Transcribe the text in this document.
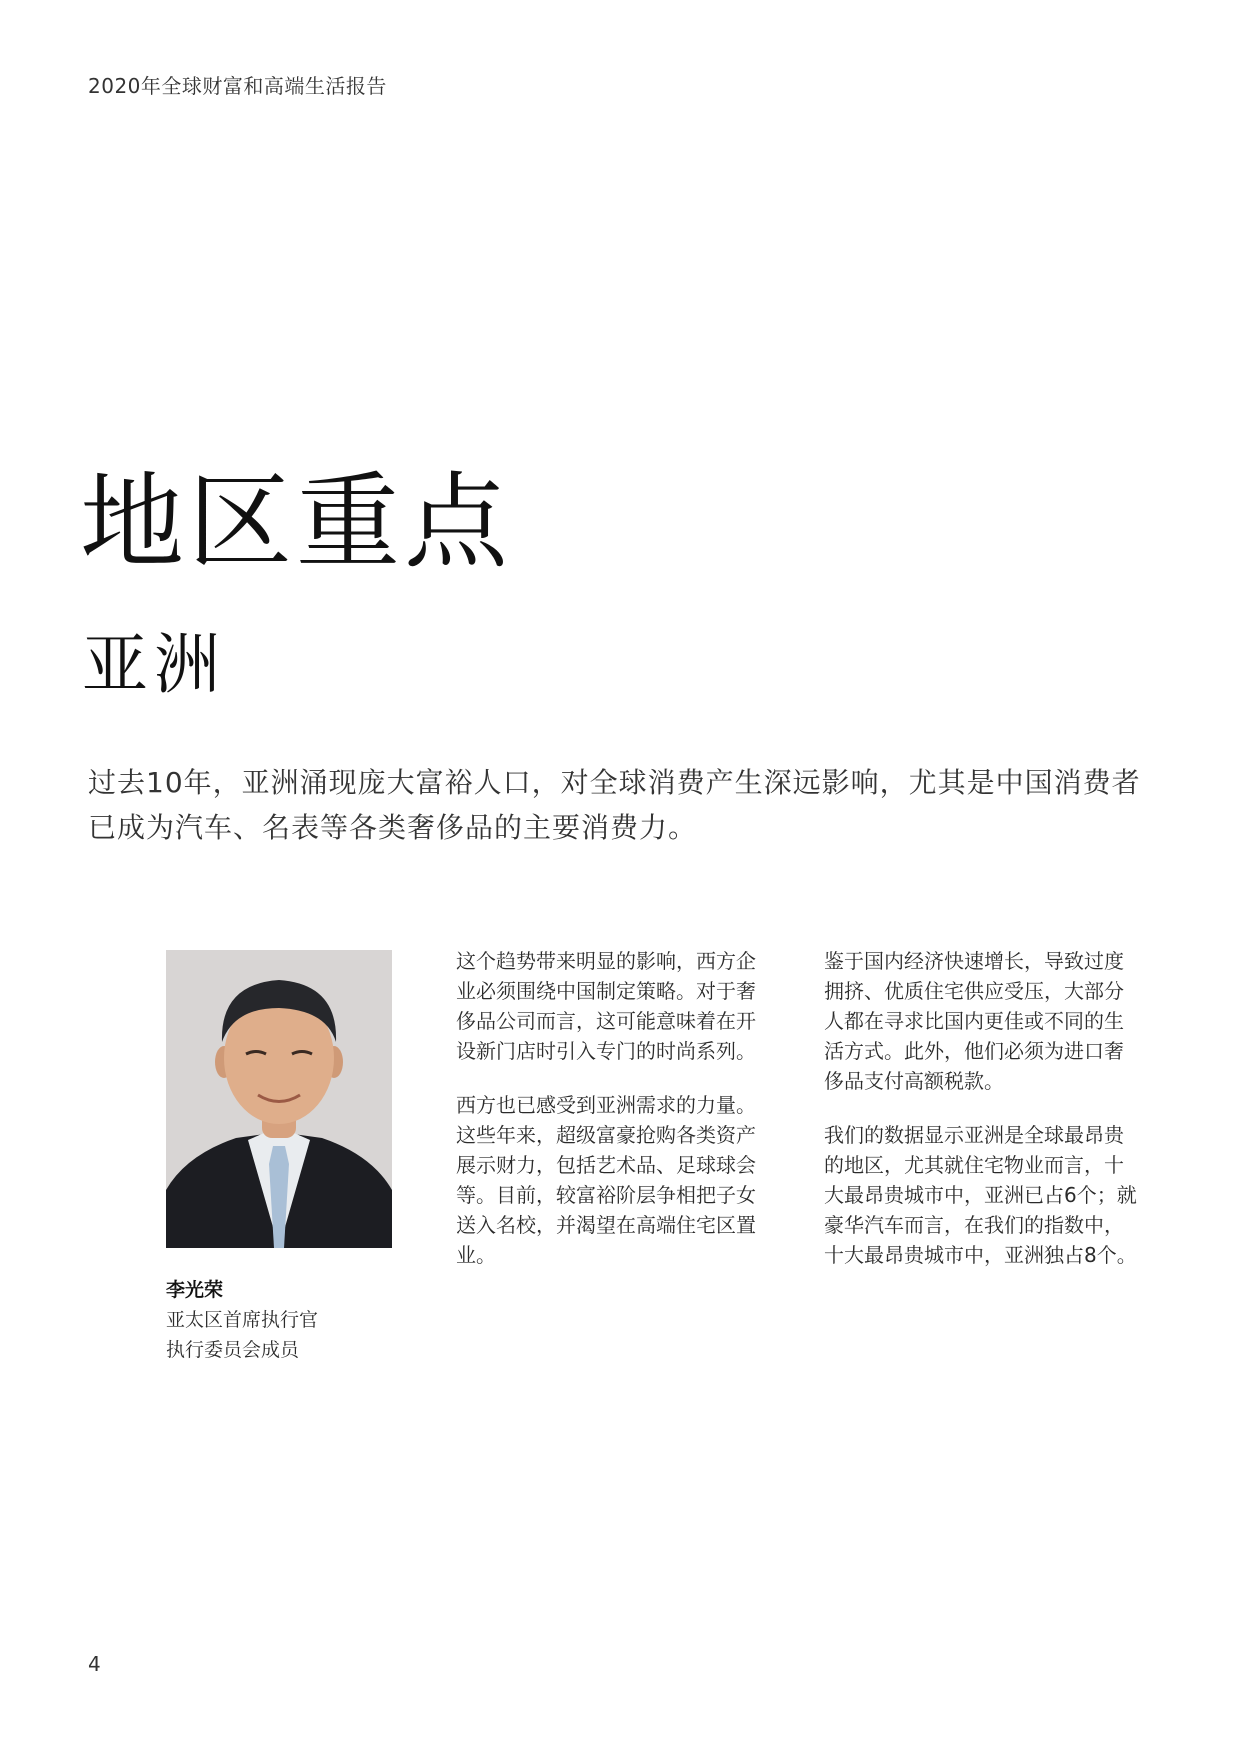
2020年全球财富和高端生活报告
地区重点
亚洲
过去10年，亚洲涌现庞大富裕人口，对全球消费产生深远影响，尤其是中国消费者已成为汽车、名表等各类奢侈品的主要消费力。
李光荣
亚太区首席执行官
执行委员会成员

这个趋势带来明显的影响，西方企业必须围绕中国制定策略。对于奢侈品公司而言，这可能意味着在开设新门店时引入专门的时尚系列。

西方也已感受到亚洲需求的力量。这些年来，超级富豪抢购各类资产展示财力，包括艺术品、足球球会等。目前，较富裕阶层争相把子女送入名校，并渴望在高端住宅区置业。

鉴于国内经济快速增长，导致过度拥挤、优质住宅供应受压，大部分人都在寻求比国内更佳或不同的生活方式。此外，他们必须为进口奢侈品支付高额税款。

我们的数据显示亚洲是全球最昂贵的地区，尤其就住宅物业而言，十大最昂贵城市中，亚洲已占6个；就豪华汽车而言，在我们的指数中，十大最昂贵城市中，亚洲独占8个。

4
